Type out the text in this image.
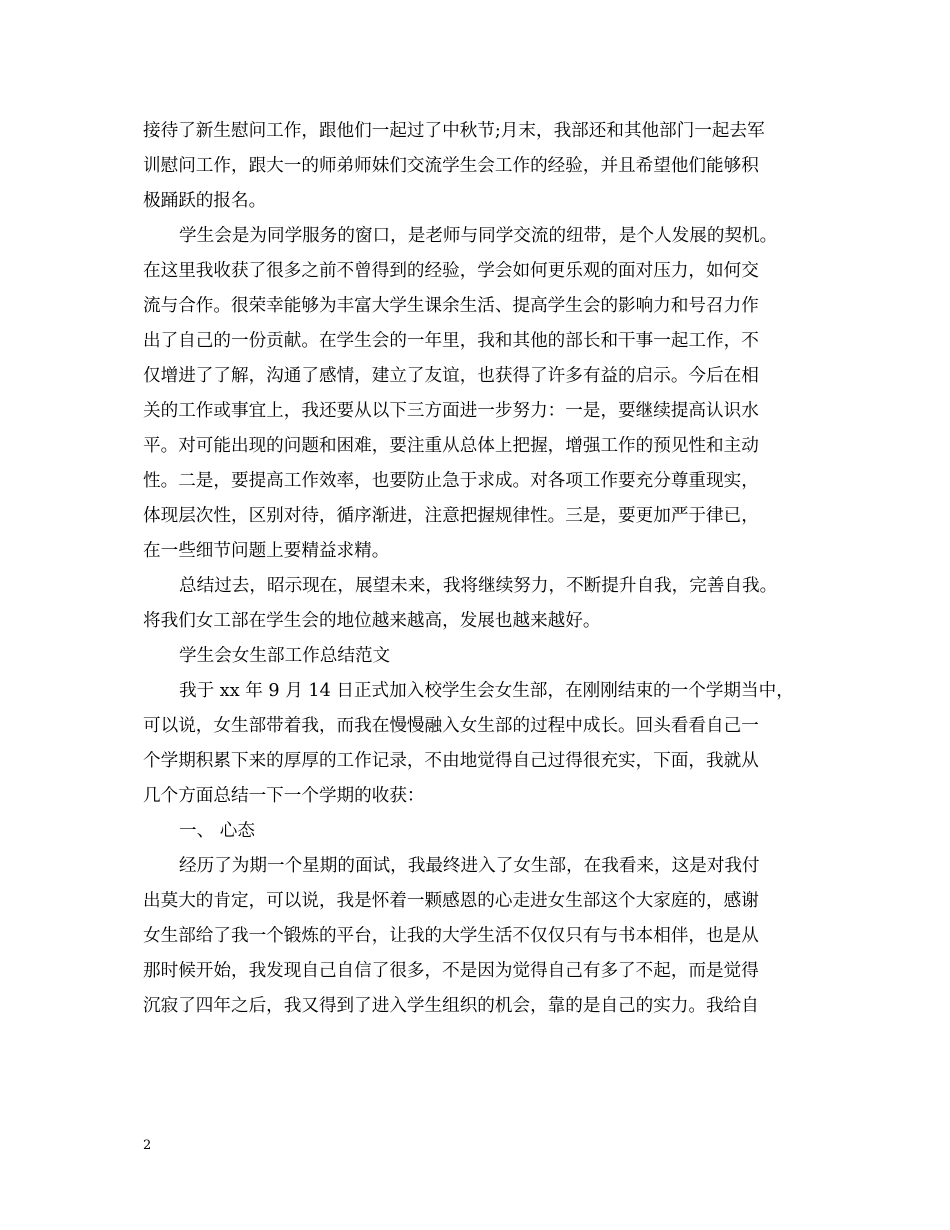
接待了新生慰问工作，跟他们一起过了中秋节;月末，我部还和其他部门一起去军
训慰问工作，跟大一的师弟师妹们交流学生会工作的经验，并且希望他们能够积
极踊跃的报名。
学生会是为同学服务的窗口，是老师与同学交流的纽带，是个人发展的契机。
在这里我收获了很多之前不曾得到的经验，学会如何更乐观的面对压力，如何交
流与合作。很荣幸能够为丰富大学生课余生活、提高学生会的影响力和号召力作
出了自己的一份贡献。在学生会的一年里，我和其他的部长和干事一起工作，不
仅增进了了解，沟通了感情，建立了友谊，也获得了许多有益的启示。今后在相
关的工作或事宜上，我还要从以下三方面进一步努力：一是，要继续提高认识水
平。对可能出现的问题和困难，要注重从总体上把握，增强工作的预见性和主动
性。二是，要提高工作效率，也要防止急于求成。对各项工作要充分尊重现实，
体现层次性，区别对待，循序渐进，注意把握规律性。三是，要更加严于律已，
在一些细节问题上要精益求精。
总结过去，昭示现在，展望未来，我将继续努力，不断提升自我，完善自我。
将我们女工部在学生会的地位越来越高，发展也越来越好。
学生会女生部工作总结范文
我于 xx 年 9 月 14 日正式加入校学生会女生部，在刚刚结束的一个学期当中，
可以说，女生部带着我，而我在慢慢融入女生部的过程中成长。回头看看自己一
个学期积累下来的厚厚的工作记录，不由地觉得自己过得很充实，下面，我就从
几个方面总结一下一个学期的收获：
一、 心态
经历了为期一个星期的面试，我最终进入了女生部，在我看来，这是对我付
出莫大的肯定，可以说，我是怀着一颗感恩的心走进女生部这个大家庭的，感谢
女生部给了我一个锻炼的平台，让我的大学生活不仅仅只有与书本相伴，也是从
那时候开始，我发现自己自信了很多，不是因为觉得自己有多了不起，而是觉得
沉寂了四年之后，我又得到了进入学生组织的机会，靠的是自己的实力。我给自
2
